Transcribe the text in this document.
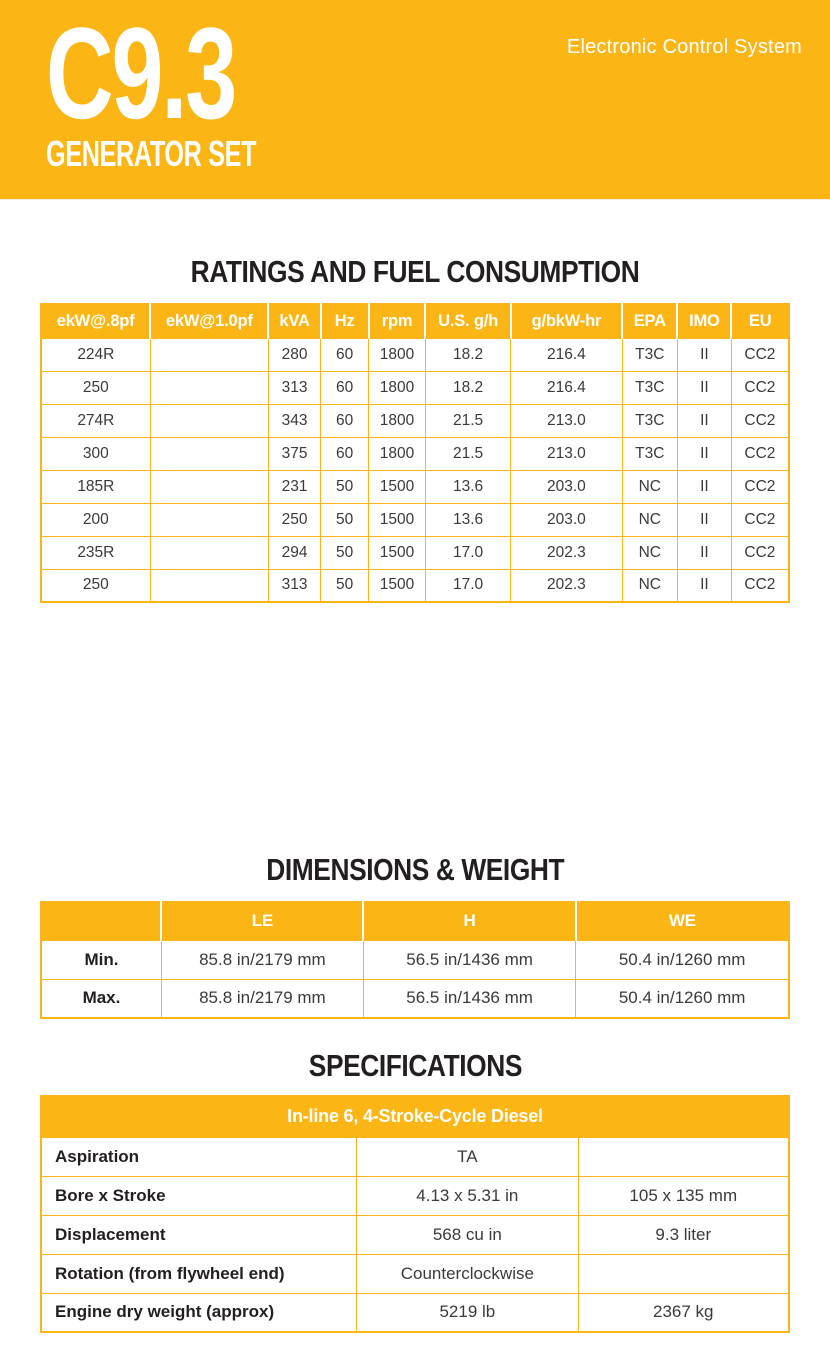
C9.3	Electronic Control System
GENERATOR SET
RATINGS AND FUEL CONSUMPTION
ekW@.8pf	ekW@1.0pf	kVA	Hz	rpm	U.S. g/h	g/bkW-hr	EPA	IMO	EU
224R		280	60	1800	18.2	216.4	T3C	II	CC2
250		313	60	1800	18.2	216.4	T3C	II	CC2
274R		343	60	1800	21.5	213.0	T3C	II	CC2
300		375	60	1800	21.5	213.0	T3C	II	CC2
185R		231	50	1500	13.6	203.0	NC	II	CC2
200		250	50	1500	13.6	203.0	NC	II	CC2
235R		294	50	1500	17.0	202.3	NC	II	CC2
250		313	50	1500	17.0	202.3	NC	II	CC2
DIMENSIONS & WEIGHT
	LE	H	WE
Min.	85.8 in/2179 mm	56.5 in/1436 mm	50.4 in/1260 mm
Max.	85.8 in/2179 mm	56.5 in/1436 mm	50.4 in/1260 mm
SPECIFICATIONS
In-line 6, 4-Stroke-Cycle Diesel		
Aspiration	TA	
Bore x Stroke	4.13 x 5.31 in	105 x 135 mm
Displacement	568 cu in	9.3 liter
Rotation (from flywheel end)	Counterclockwise	
Engine dry weight (approx)	5219 lb	2367 kg
